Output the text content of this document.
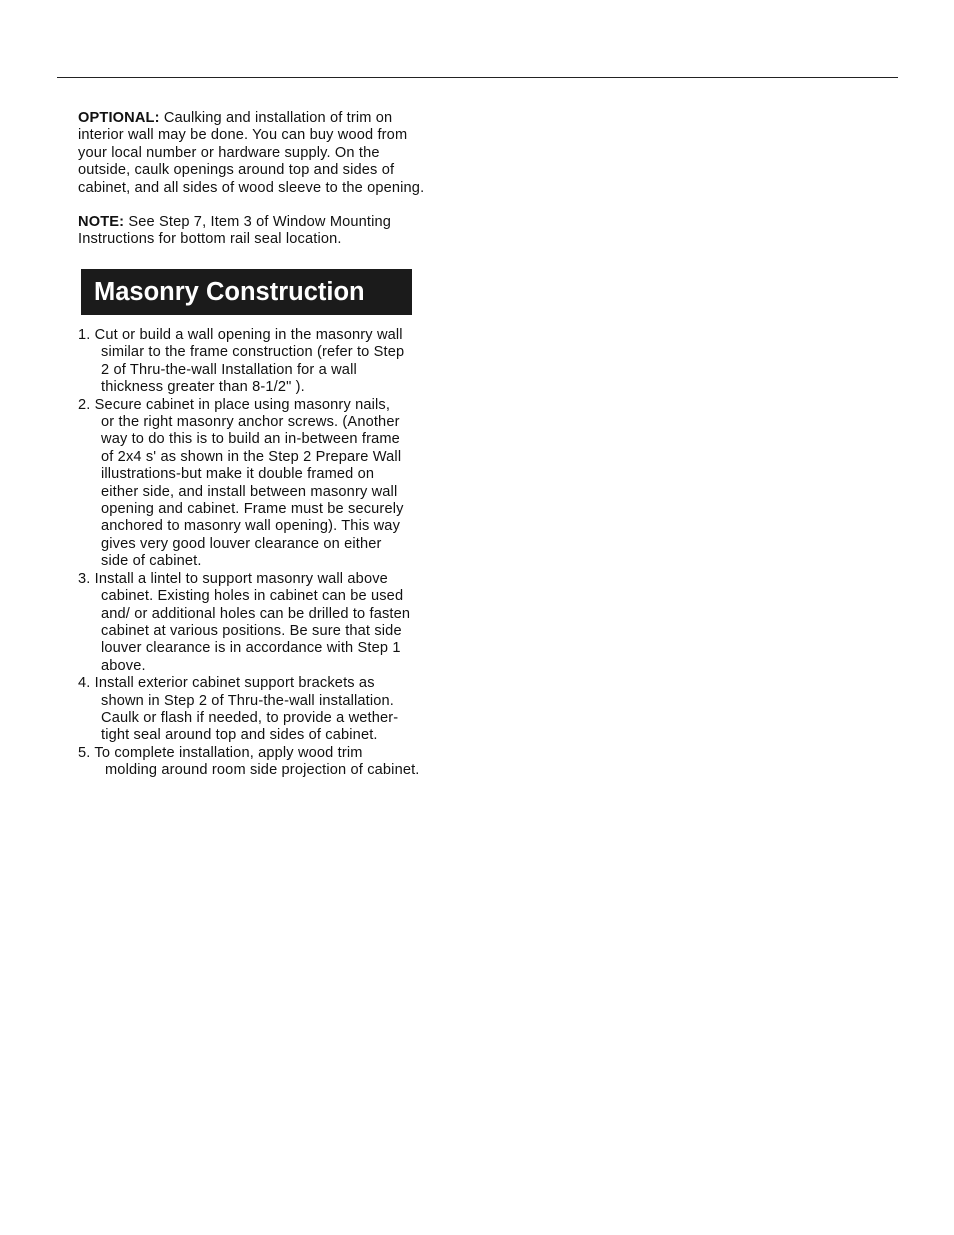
OPTIONAL: Caulking and installation of trim on

interior wall may be done. You can buy wood from

your local number or hardware supply. On the

outside, caulk openings around top and sides of

cabinet, and all sides of wood sleeve to the opening.

NOTE: See Step 7, Item 3 of Window Mounting

Instructions for bottom rail seal location.

Masonry Construction

1. Cut or build a wall opening in the masonry wall

similar to the frame construction (refer to Step

2 of Thru-the-wall Installation for a wall

thickness greater than 8-1/2" ).

2. Secure cabinet in place using masonry nails,

or the right masonry anchor screws. (Another

way to do this is to build an in-between frame

of 2x4 s' as shown in the Step 2 Prepare Wall

illustrations-but make it double framed on

either side, and install between masonry wall

opening and cabinet. Frame must be securely

anchored to masonry wall opening). This way

gives very good louver clearance on either

side of cabinet.

3. Install a lintel to support masonry wall above

cabinet. Existing holes in cabinet can be used

and/ or additional holes can be drilled to fasten

cabinet at various positions. Be sure that side

louver clearance is in accordance with Step 1

above.

4. Install exterior cabinet support brackets as

shown in Step 2 of Thru-the-wall installation.

Caulk or flash if needed, to provide a wether-

tight seal around top and sides of cabinet.

5. To complete installation, apply wood trim

molding around room side projection of cabinet.
